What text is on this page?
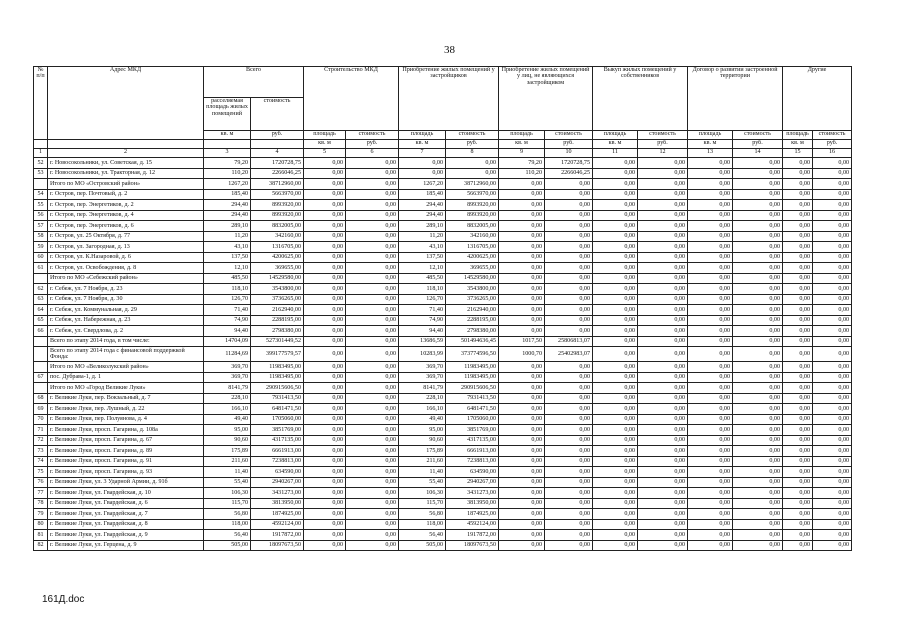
38
№
п/п	Адрес МКД	Всего		Строительство МКД		Приобретение жилых помещений у застройщиков		Приобретение жилых помещений у лиц, не являющихся застройщиком		Выкуп жилых помещений у собственников		Договор о развитии застроенной территории		Другие	
		расселяемая площадь жилых помещений	стоимость												
		кв. м	руб.	площадь	стоимость	площадь	стоимость	площадь	стоимость	площадь	стоимость	площадь	стоимость	площадь	стоимость
				кв. м	руб.	кв. м	руб.	кв. м	руб.	кв. м	руб.	кв. м	руб.	кв. м	руб.
1	2	3	4	5	6	7	8	9	10	11	12	13	14	15	16
52	г. Новосокольники, ул. Советская, д. 15	79,20	1720728,75	0,00	0,00	0,00	0,00	79,20	1720728,75	0,00	0,00	0,00	0,00	0,00	0,00
53	г. Новосокольники, ул. Тракторная, д. 12	110,20	2266046,25	0,00	0,00	0,00	0,00	110,20	2266046,25	0,00	0,00	0,00	0,00	0,00	0,00
	Итого по МО «Островский район»	1267,20	38712960,00	0,00	0,00	1267,20	38712960,00	0,00	0,00	0,00	0,00	0,00	0,00	0,00	0,00
54	г. Остров, пер. Почтовый, д. 2	185,40	5663970,00	0,00	0,00	185,40	5663970,00	0,00	0,00	0,00	0,00	0,00	0,00	0,00	0,00
55	г. Остров, пер. Энергетиков, д. 2	294,40	8993920,00	0,00	0,00	294,40	8993920,00	0,00	0,00	0,00	0,00	0,00	0,00	0,00	0,00
56	г. Остров, пер. Энергетиков, д. 4	294,40	8993920,00	0,00	0,00	294,40	8993920,00	0,00	0,00	0,00	0,00	0,00	0,00	0,00	0,00
57	г. Остров, пер. Энергетиков, д. 6	289,10	8832005,00	0,00	0,00	289,10	8832005,00	0,00	0,00	0,00	0,00	0,00	0,00	0,00	0,00
58	г. Остров, ул. 25 Октября, д. 77	11,20	342160,00	0,00	0,00	11,20	342160,00	0,00	0,00	0,00	0,00	0,00	0,00	0,00	0,00
59	г. Остров, ул. Загородная, д. 13	43,10	1316705,00	0,00	0,00	43,10	1316705,00	0,00	0,00	0,00	0,00	0,00	0,00	0,00	0,00
60	г. Остров, ул. К.Назаровой, д. 6	137,50	4200625,00	0,00	0,00	137,50	4200625,00	0,00	0,00	0,00	0,00	0,00	0,00	0,00	0,00
61	г. Остров, ул. Освобождения, д. 8	12,10	369655,00	0,00	0,00	12,10	369655,00	0,00	0,00	0,00	0,00	0,00	0,00	0,00	0,00
	Итого по МО «Себежский район»	485,50	14529580,00	0,00	0,00	485,50	14529580,00	0,00	0,00	0,00	0,00	0,00	0,00	0,00	0,00
62	г. Себеж, ул. 7 Ноября, д. 23	118,10	3543800,00	0,00	0,00	118,10	3543800,00	0,00	0,00	0,00	0,00	0,00	0,00	0,00	0,00
63	г. Себеж, ул. 7 Ноября, д. 30	126,70	3736265,00	0,00	0,00	126,70	3736265,00	0,00	0,00	0,00	0,00	0,00	0,00	0,00	0,00
64	г. Себеж, ул. Коммунальная, д. 29	71,40	2162940,00	0,00	0,00	71,40	2162940,00	0,00	0,00	0,00	0,00	0,00	0,00	0,00	0,00
65	г. Себеж, ул. Набережная, д. 23	74,90	2288195,00	0,00	0,00	74,90	2288195,00	0,00	0,00	0,00	0,00	0,00	0,00	0,00	0,00
66	г. Себеж, ул. Свердлова, д. 2	94,40	2798380,00	0,00	0,00	94,40	2798380,00	0,00	0,00	0,00	0,00	0,00	0,00	0,00	0,00
	Всего по этапу 2014 года, в том числе:	14704,09	527301449,52	0,00	0,00	13686,59	501494636,45	1017,50	25806813,07	0,00	0,00	0,00	0,00	0,00	0,00
	Всего по этапу 2014 года с финансовой поддержкой Фонда:	11284,69	399177579,57	0,00	0,00	10283,99	373774596,50	1000,70	25402983,07	0,00	0,00	0,00	0,00	0,00	0,00
	Итого по МО «Великолукский район»	369,70	11983495,00	0,00	0,00	369,70	11983495,00	0,00	0,00	0,00	0,00	0,00	0,00	0,00	0,00
67	пос. Дубрава-1, д. 1	369,70	11983495,00	0,00	0,00	369,70	11983495,00	0,00	0,00	0,00	0,00	0,00	0,00	0,00	0,00
	Итого по МО «Город Великие Луки»	8141,79	290915606,50	0,00	0,00	8141,79	290915606,50	0,00	0,00	0,00	0,00	0,00	0,00	0,00	0,00
68	г. Великие Луки, пер. Вокзальный, д. 7	228,10	7931413,50	0,00	0,00	228,10	7931413,50	0,00	0,00	0,00	0,00	0,00	0,00	0,00	0,00
69	г. Великие Луки, пер. Лушный, д. 22	166,10	6481471,50	0,00	0,00	166,10	6481471,50	0,00	0,00	0,00	0,00	0,00	0,00	0,00	0,00
70	г. Великие Луки, пер. Полуянова, д. 4	49,40	1705060,00	0,00	0,00	49,40	1705060,00	0,00	0,00	0,00	0,00	0,00	0,00	0,00	0,00
71	г. Великие Луки, просп. Гагарина, д. 108а	95,00	3851769,00	0,00	0,00	95,00	3851769,00	0,00	0,00	0,00	0,00	0,00	0,00	0,00	0,00
72	г. Великие Луки, просп. Гагарина, д. 67	90,60	4317135,00	0,00	0,00	90,60	4317135,00	0,00	0,00	0,00	0,00	0,00	0,00	0,00	0,00
73	г. Великие Луки, просп. Гагарина, д. 89	175,89	6661913,00	0,00	0,00	175,89	6661913,00	0,00	0,00	0,00	0,00	0,00	0,00	0,00	0,00
74	г. Великие Луки, просп. Гагарина, д. 91	211,60	7238813,00	0,00	0,00	211,60	7238813,00	0,00	0,00	0,00	0,00	0,00	0,00	0,00	0,00
75	г. Великие Луки, просп. Гагарина, д. 93	11,40	634590,00	0,00	0,00	11,40	634590,00	0,00	0,00	0,00	0,00	0,00	0,00	0,00	0,00
76	г. Великие Луки, ул. 3 Ударной Армии, д. 91б	55,40	2940267,00	0,00	0,00	55,40	2940267,00	0,00	0,00	0,00	0,00	0,00	0,00	0,00	0,00
77	г. Великие Луки, ул. Гвардейская, д. 10	106,30	3431273,00	0,00	0,00	106,30	3431273,00	0,00	0,00	0,00	0,00	0,00	0,00	0,00	0,00
78	г. Великие Луки, ул. Гвардейская, д. 6	115,70	3813950,00	0,00	0,00	115,70	3813950,00	0,00	0,00	0,00	0,00	0,00	0,00	0,00	0,00
79	г. Великие Луки, ул. Гвардейская, д. 7	56,80	1874925,00	0,00	0,00	56,80	1874925,00	0,00	0,00	0,00	0,00	0,00	0,00	0,00	0,00
80	г. Великие Луки, ул. Гвардейская, д. 8	118,00	4592124,00	0,00	0,00	118,00	4592124,00	0,00	0,00	0,00	0,00	0,00	0,00	0,00	0,00
81	г. Великие Луки, ул. Гвардейская, д. 9	56,40	1917872,00	0,00	0,00	56,40	1917872,00	0,00	0,00	0,00	0,00	0,00	0,00	0,00	0,00
82	г. Великие Луки, ул. Герцена, д. 9	505,00	18097673,50	0,00	0,00	505,00	18097673,50	0,00	0,00	0,00	0,00	0,00	0,00	0,00	0,00
161Д.doc
